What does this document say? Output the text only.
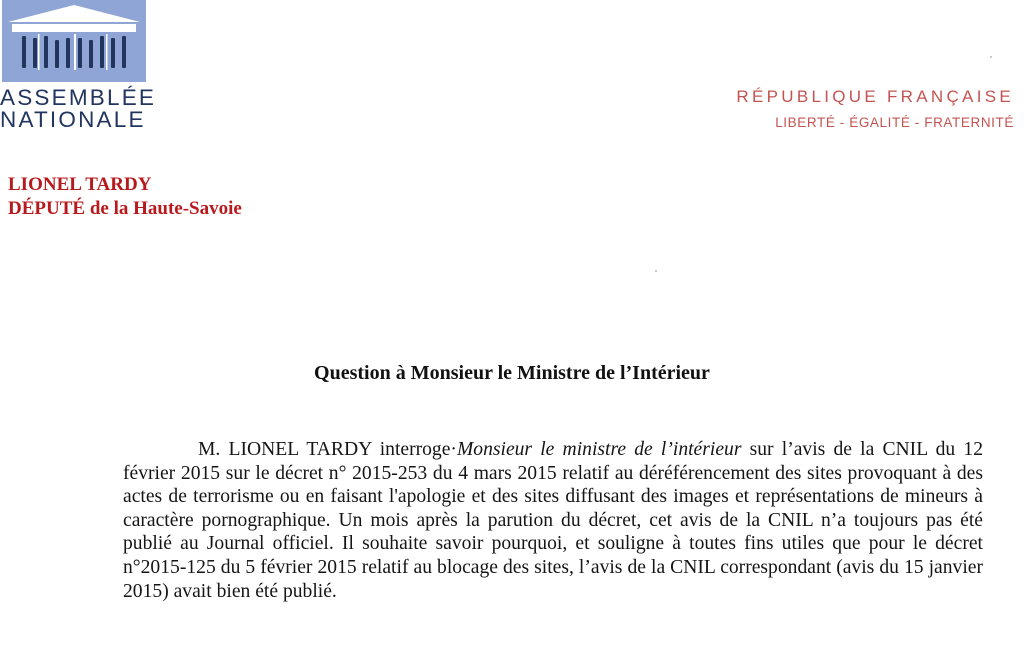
ASSEMBLÉE
NATIONALE
RÉPUBLIQUE FRANÇAISE
LIBERTÉ - ÉGALITÉ - FRATERNITÉ
LIONEL TARDY
DÉPUTÉ de la Haute-Savoie
Question à Monsieur le Ministre de l’Intérieur
M. LIONEL TARDY interroge·Monsieur le ministre de l’intérieur sur l’avis de la CNIL du 12 février 2015 sur le décret n° 2015-253 du 4 mars 2015 relatif au déréférencement des sites provoquant à des actes de terrorisme ou en faisant l'apologie et des sites diffusant des images et représentations de mineurs à caractère pornographique. Un mois après la parution du décret, cet avis de la CNIL n’a toujours pas été publié au Journal officiel. Il souhaite savoir pourquoi, et souligne à toutes fins utiles que pour le décret n°2015-125 du 5 février 2015 relatif au blocage des sites, l’avis de la CNIL correspondant (avis du 15 janvier 2015) avait bien été publié.
